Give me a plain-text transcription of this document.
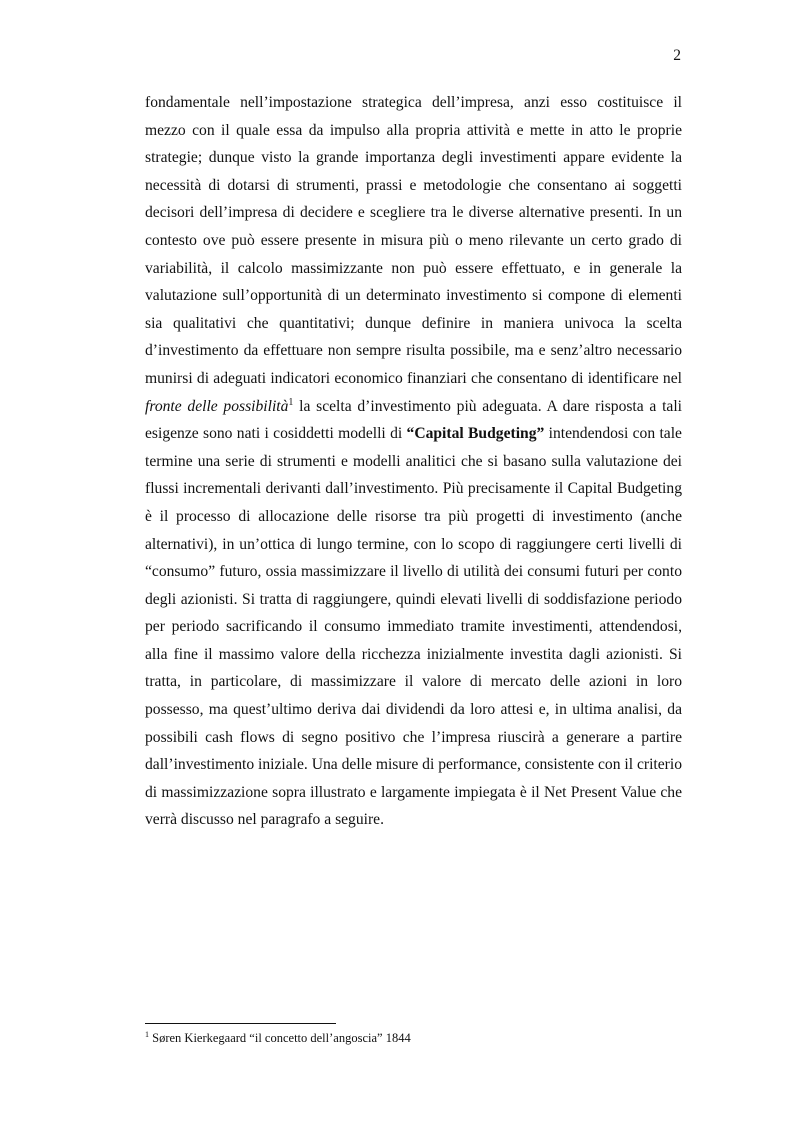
2

fondamentale nell’impostazione strategica dell’impresa, anzi esso costituisce il mezzo con il quale essa da impulso alla propria attività e mette in atto le proprie strategie; dunque visto la grande importanza degli investimenti appare evidente la necessità di dotarsi di strumenti, prassi e metodologie che consentano ai soggetti decisori dell’impresa di decidere e scegliere tra le diverse alternative presenti. In un contesto ove può essere presente in misura più o meno rilevante un certo grado di variabilità, il calcolo massimizzante non può essere effettuato, e in generale la valutazione sull’opportunità di un determinato investimento si compone di elementi sia qualitativi che quantitativi; dunque definire in maniera univoca la scelta d’investimento da effettuare non sempre risulta possibile, ma e senz’altro necessario munirsi di adeguati indicatori economico finanziari che consentano di identificare nel fronte delle possibilità$^1$ la scelta d’investimento più adeguata. A dare risposta a tali esigenze sono nati i cosiddetti modelli di “Capital Budgeting” intendendosi con tale termine una serie di strumenti e modelli analitici che si basano sulla valutazione dei flussi incrementali derivanti dall’investimento. Più precisamente il Capital Budgeting è il processo di allocazione delle risorse tra più progetti di investimento (anche alternativi), in un’ottica di lungo termine, con lo scopo di raggiungere certi livelli di “consumo” futuro, ossia massimizzare il livello di utilità dei consumi futuri per conto degli azionisti. Si tratta di raggiungere, quindi elevati livelli di soddisfazione periodo per periodo sacrificando il consumo immediato tramite investimenti, attendendosi, alla fine il massimo valore della ricchezza inizialmente investita dagli azionisti. Si tratta, in particolare, di massimizzare il valore di mercato delle azioni in loro possesso, ma quest’ultimo deriva dai dividendi da loro attesi e, in ultima analisi, da possibili cash flows di segno positivo che l’impresa riuscirà a generare a partire dall’investimento iniziale. Una delle misure di performance, consistente con il criterio di massimizzazione sopra illustrato e largamente impiegata è il Net Present Value che verrà discusso nel paragrafo a seguire.

$^1$ Søren Kierkegaard “il concetto dell’angoscia” 1844
